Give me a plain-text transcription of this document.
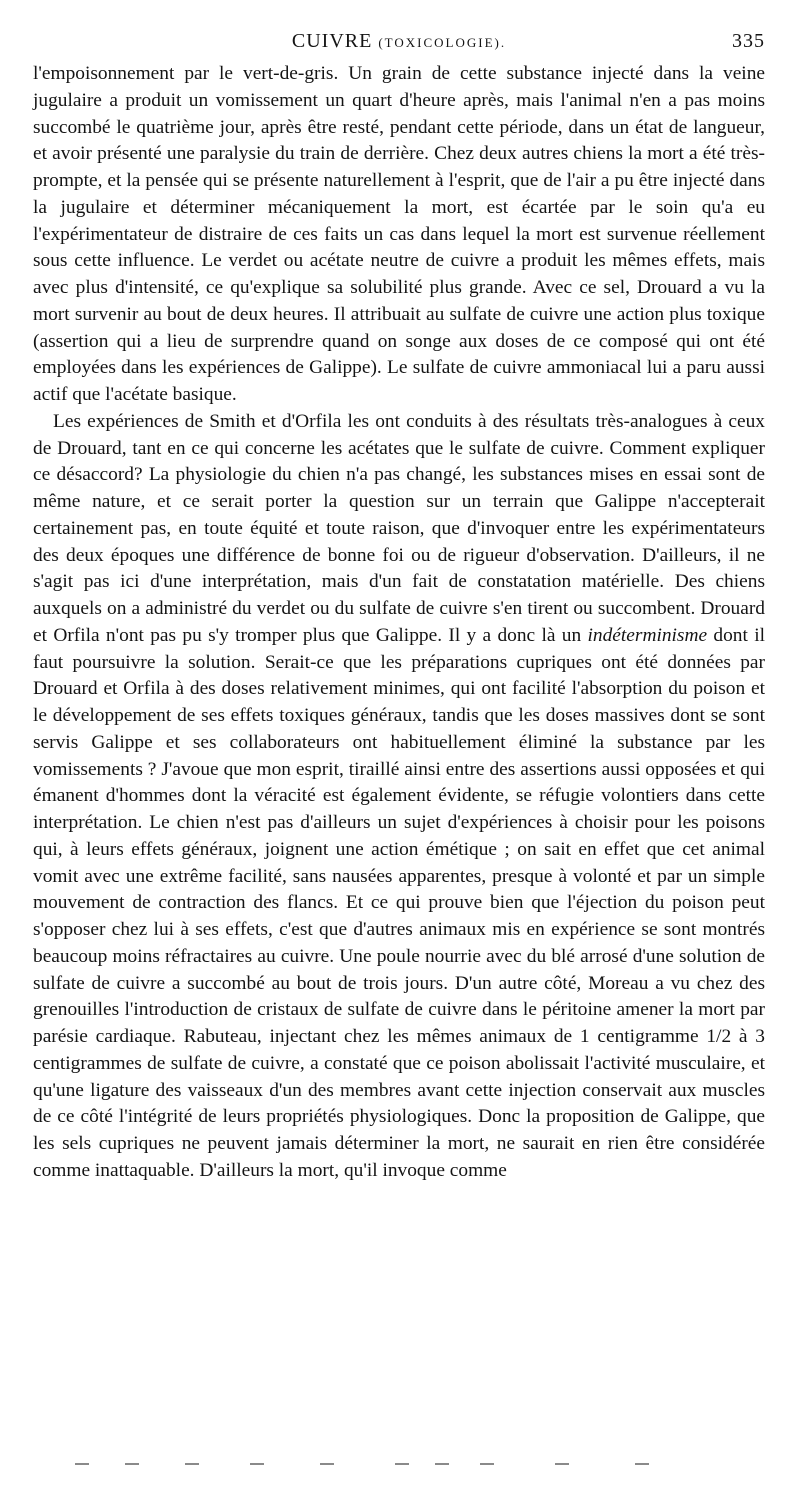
CUIVRE (TOXICOLOGIE).	335

l'empoisonnement par le vert-de-gris. Un grain de cette substance injecté dans la veine jugulaire a produit un vomissement un quart d'heure après, mais l'animal n'en a pas moins succombé le quatrième jour, après être resté, pendant cette période, dans un état de langueur, et avoir présenté une paralysie du train de derrière. Chez deux autres chiens la mort a été très-prompte, et la pensée qui se présente naturellement à l'esprit, que de l'air a pu être injecté dans la jugulaire et déterminer mécaniquement la mort, est écartée par le soin qu'a eu l'expérimentateur de distraire de ces faits un cas dans lequel la mort est survenue réellement sous cette influence. Le verdet ou acétate neutre de cuivre a produit les mêmes effets, mais avec plus d'intensité, ce qu'explique sa solubilité plus grande. Avec ce sel, Drouard a vu la mort survenir au bout de deux heures. Il attribuait au sulfate de cuivre une action plus toxique (assertion qui a lieu de surprendre quand on songe aux doses de ce composé qui ont été employées dans les expériences de Galippe). Le sulfate de cuivre ammoniacal lui a paru aussi actif que l'acétate basique.

Les expériences de Smith et d'Orfila les ont conduits à des résultats très-analogues à ceux de Drouard, tant en ce qui concerne les acétates que le sulfate de cuivre. Comment expliquer ce désaccord? La physiologie du chien n'a pas changé, les substances mises en essai sont de même nature, et ce serait porter la question sur un terrain que Galippe n'accepterait certainement pas, en toute équité et toute raison, que d'invoquer entre les expérimentateurs des deux époques une différence de bonne foi ou de rigueur d'observation. D'ailleurs, il ne s'agit pas ici d'une interprétation, mais d'un fait de constatation matérielle. Des chiens auxquels on a administré du verdet ou du sulfate de cuivre s'en tirent ou succombent. Drouard et Orfila n'ont pas pu s'y tromper plus que Galippe. Il y a donc là un indéterminisme dont il faut poursuivre la solution. Serait-ce que les préparations cupriques ont été données par Drouard et Orfila à des doses relativement minimes, qui ont facilité l'absorption du poison et le développement de ses effets toxiques généraux, tandis que les doses massives dont se sont servis Galippe et ses collaborateurs ont habituellement éliminé la substance par les vomissements ? J'avoue que mon esprit, tiraillé ainsi entre des assertions aussi opposées et qui émanent d'hommes dont la véracité est également évidente, se réfugie volontiers dans cette interprétation. Le chien n'est pas d'ailleurs un sujet d'expériences à choisir pour les poisons qui, à leurs effets généraux, joignent une action émétique ; on sait en effet que cet animal vomit avec une extrême facilité, sans nausées apparentes, presque à volonté et par un simple mouvement de contraction des flancs. Et ce qui prouve bien que l'éjection du poison peut s'opposer chez lui à ses effets, c'est que d'autres animaux mis en expérience se sont montrés beaucoup moins réfractaires au cuivre. Une poule nourrie avec du blé arrosé d'une solution de sulfate de cuivre a succombé au bout de trois jours. D'un autre côté, Moreau a vu chez des grenouilles l'introduction de cristaux de sulfate de cuivre dans le péritoine amener la mort par parésie cardiaque. Rabuteau, injectant chez les mêmes animaux de 1 centigramme 1/2 à 3 centigrammes de sulfate de cuivre, a constaté que ce poison abolissait l'activité musculaire, et qu'une ligature des vaisseaux d'un des membres avant cette injection conservait aux muscles de ce côté l'intégrité de leurs propriétés physiologiques. Donc la proposition de Galippe, que les sels cupriques ne peuvent jamais déterminer la mort, ne saurait en rien être considérée comme inattaquable. D'ailleurs la mort, qu'il invoque comme
